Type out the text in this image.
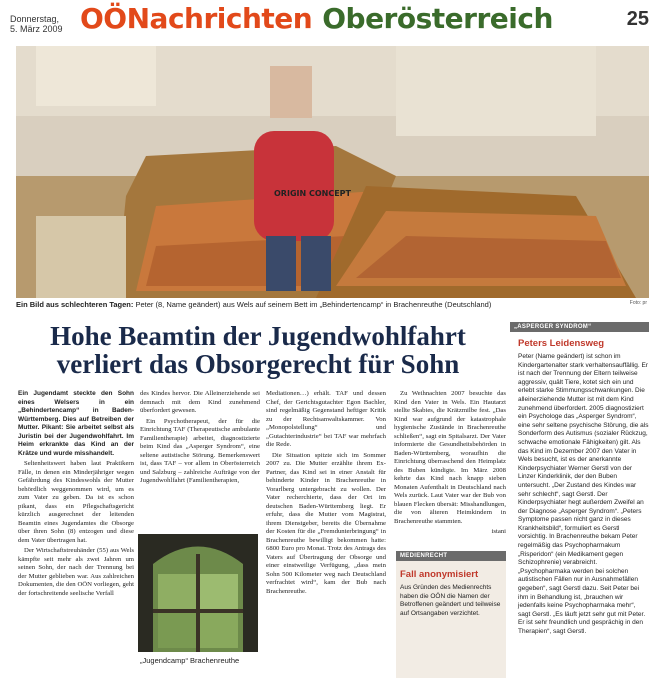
Donnerstag,
5. März 2009 OÖNachrichten Oberösterreich	25
ORIGIN CONCEPT
Ein Bild aus schlechteren Tagen: Peter (8, Name geändert) aus Wels auf seinem Bett im „Behindertencamp“ in Brachenreuthe (Deutschland)	Foto: pr
Hohe Beamtin der Jugendwohlfahrt
verliert das Obsorgerecht für Sohn

Ein Jugendamt steckte den Sohn eines Welsers in ein „Behindertencamp“ in Baden-Württemberg. Dies auf Betreiben der Mutter. Pikant: Sie arbeitet selbst als Juristin bei der Jugendwohlfahrt. Im Heim erkrankte das Kind an der Krätze und wurde misshandelt.

Seltenheitswert haben laut Praktikern Fälle, in denen ein Minderjähriger wegen Gefährdung des Kindeswohls der Mutter behördlich weggenommen wird, um es zum Vater zu geben. Da ist es schon pikant, dass ein Pflegschaftsgericht kürzlich ausgerechnet der leitenden Beamtin eines Jugendamtes die Obsorge über ihren Sohn (8) entzogen und diese dem Vater übertragen hat.

Der Wirtschaftstreuhänder (55) aus Wels kämpfte seit mehr als zwei Jahren um seinen Sohn, der nach der Trennung bei der Mutter geblieben war. Aus zahlreichen Dokumenten, die den OÖN vorliegen, geht der fortschreitende seelische Verfall

des Kindes hervor. Die Alleinerziehende sei demnach mit dem Kind zunehmend überfordert gewesen.

Ein Psychotherapeut, der für die Einrichtung TAF (Therapeutische ambulante Familientherapie) arbeitet, diagnostizierte beim Kind das „Asperger Syndrom“, eine seltene autistische Störung. Bemerkenswert ist, dass TAF – vor allem in Oberösterreich und Salzburg – zahlreiche Aufträge von der Jugendwohlfahrt (Familientherapien,

„Jugendcamp“ Brachenreuthe

Mediationen…) erhält. TAF und dessen Chef, der Gerichtsgutachter Egon Bachler, sind regelmäßig Gegenstand heftiger Kritik zu der Rechtsanwaltskammer. Von „Monopolstellung“ und „Gutachterindustrie“ bei TAF war mehrfach die Rede.

Die Situation spitzte sich im Sommer 2007 zu. Die Mutter erzählte ihrem Ex-Partner, das Kind sei in einer Anstalt für behinderte Kinder in Brachenreuthe in Vorarlberg untergebracht zu wollen. Der Vater recherchierte, dass der Ort im deutschen Baden-Württemberg liegt. Er erfuhr, dass die Mutter vom Magistrat, ihrem Dienstgeber, bereits die Übernahme der Kosten für die „Fremdunterbringung“ in Brachenreuthe bewilligt bekommen hatte: 6800 Euro pro Monat. Trotz des Antrags des Vaters auf Übertragung der Obsorge und einer einstweilige Verfügung, „dass mein Sohn 500 Kilometer weg nach Deutschland verfrachtet wird“, kam der Bub nach Brachenreuthe.

Zu Weihnachten 2007 besuchte das Kind den Vater in Wels. Ein Hautarzt stellte Skabies, die Krätzmilbe fest. „Das Kind war aufgrund der katastrophale hygienische Zustände in Brachenreuthe schließen“, sagt ein Spitalsarzt. Der Vater informierte die Gesundheitsbehörden in Baden-Württemberg, woraufhin die Einrichtung überraschend den Heimplatz des Buben kündigte. Im März 2008 kehrte das Kind nach knapp sieben Monaten Aufenthalt in Deutschland nach Wels zurück. Laut Vater war der Bub von blauen Flecken übersät: Misshandlungen, die von älteren Heimkindern in Brachenreuthe stammten.

istani

MEDIENRECHT
Fall anonymisiert
Aus Gründen des Medienrechts haben die OÖN die Namen der Betroffenen geändert und teilweise auf Ortsangaben verzichtet.
„ASPERGER SYNDROM“
Peters Leidensweg
Peter (Name geändert) ist schon im Kindergartenalter stark verhaltensauffällig. Er ist nach der Trennung der Eltern teilweise aggressiv, quält Tiere, kotet sich ein und erlebt starke Stimmungsschwankungen. Die alleinerziehende Mutter ist mit dem Kind zunehmend überfordert. 2005 diagnostiziert ein Psychologe das „Asperger Syndrom“, eine sehr seltene psychische Störung, die als Sonderform des Autismus (sozialer Rückzug, schwache emotionale Fähigkeiten) gilt. Als das Kind im Dezember 2007 den Vater in Wels besucht, ist es der anerkannte Kinderpsychiater Werner Gerstl von der Linzer Kinderklinik, der den Buben untersucht. „Der Zustand des Kindes war sehr schlecht“, sagt Gerstl. Der Kinderpsychiater hegt außerdem Zweifel an der Diagnose „Asperger Syndrom“. „Peters Symptome passen nicht ganz in dieses Krankheitsbild“, formuliert es Gerstl vorsichtig. In Brachenreuthe bekam Peter regelmäßig das Psychopharmakum „Risperidon“ (ein Medikament gegen Schizophrenie) verabreicht. „Psychopharmaka werden bei solchen autistischen Fällen nur in Ausnahmefällen gegeben“, sagt Gerstl dazu. Seit Peter bei ihm in Behandlung ist, „brauchen wir jedenfalls keine Psychopharmaka mehr“, sagt Gerstl. „Es läuft jetzt sehr gut mit Peter. Er ist sehr freundlich und gesprächig in den Therapien“, sagt Gerstl.
